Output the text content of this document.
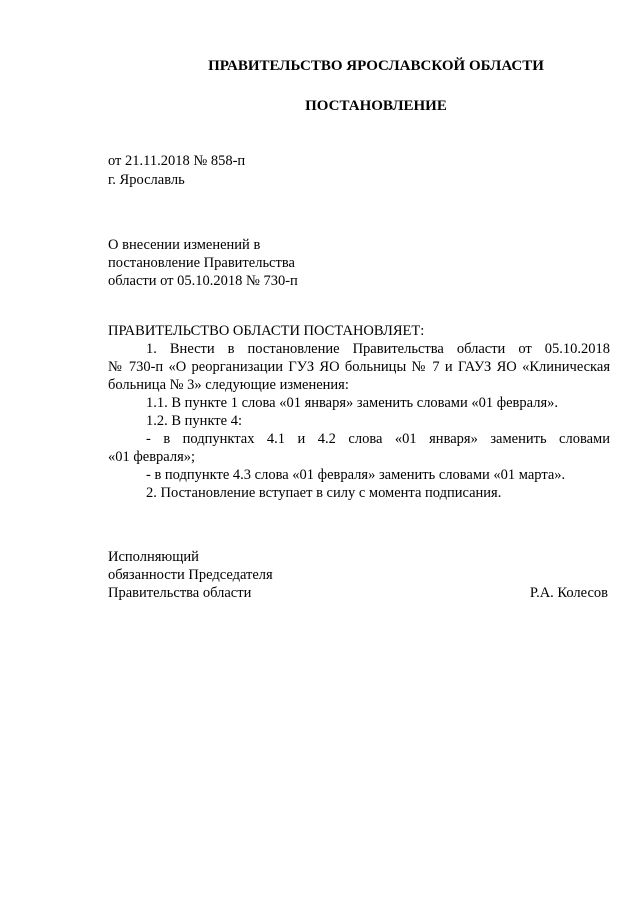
ПРАВИТЕЛЬСТВО ЯРОСЛАВСКОЙ ОБЛАСТИ
ПОСТАНОВЛЕНИЕ
от 21.11.2018 № 858-п
г. Ярославль
О внесении изменений в
постановление Правительства
области от 05.10.2018 № 730-п
ПРАВИТЕЛЬСТВО ОБЛАСТИ ПОСТАНОВЛЯЕТ:
1. Внести в постановление Правительства области от 05.10.2018
№ 730-п «О реорганизации ГУЗ ЯО больницы № 7 и ГАУЗ ЯО «Клиническая
больница № 3» следующие изменения:
1.1. В пункте 1 слова «01 января» заменить словами «01 февраля».
1.2. В пункте 4:
- в подпунктах 4.1 и 4.2 слова «01 января» заменить словами
«01 февраля»;
- в подпункте 4.3 слова «01 февраля» заменить словами «01 марта».
2. Постановление вступает в силу с момента подписания.
Исполняющий
обязанности Председателя
Правительства области	Р.А. Колесов
